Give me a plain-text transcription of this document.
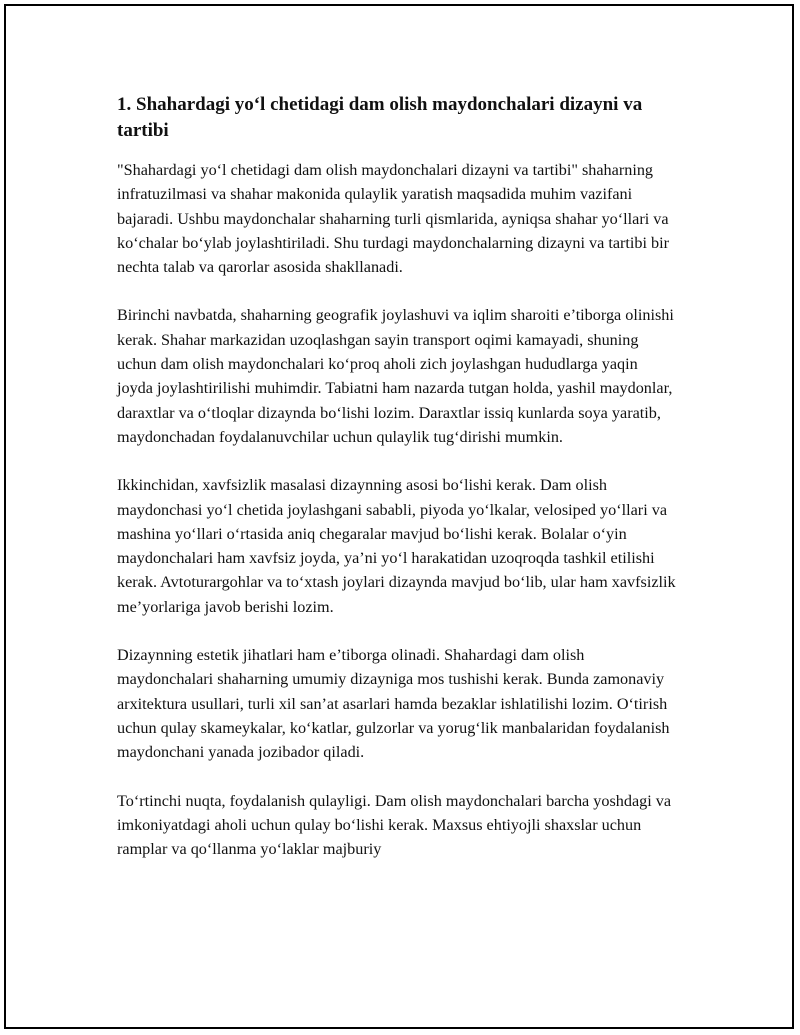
1. Shahardagi yo‘l chetidagi dam olish maydonchalari dizayni va tartibi

"Shahardagi yo‘l chetidagi dam olish maydonchalari dizayni va tartibi" shaharning infratuzilmasi va shahar makonida qulaylik yaratish maqsadida muhim vazifani bajaradi. Ushbu maydonchalar shaharning turli qismlarida, ayniqsa shahar yo‘llari va ko‘chalar bo‘ylab joylashtiriladi. Shu turdagi maydonchalarning dizayni va tartibi bir nechta talab va qarorlar asosida shakllanadi.

Birinchi navbatda, shaharning geografik joylashuvi va iqlim sharoiti e’tiborga olinishi kerak. Shahar markazidan uzoqlashgan sayin transport oqimi kamayadi, shuning uchun dam olish maydonchalari ko‘proq aholi zich joylashgan hududlarga yaqin joyda joylashtirilishi muhimdir. Tabiatni ham nazarda tutgan holda, yashil maydonlar, daraxtlar va o‘tloqlar dizaynda bo‘lishi lozim. Daraxtlar issiq kunlarda soya yaratib, maydonchadan foydalanuvchilar uchun qulaylik tug‘dirishi mumkin.

Ikkinchidan, xavfsizlik masalasi dizaynning asosi bo‘lishi kerak. Dam olish maydonchasi yo‘l chetida joylashgani sababli, piyoda yo‘lkalar, velosiped yo‘llari va mashina yo‘llari o‘rtasida aniq chegaralar mavjud bo‘lishi kerak. Bolalar o‘yin maydonchalari ham xavfsiz joyda, ya’ni yo‘l harakatidan uzoqroqda tashkil etilishi kerak. Avtoturargohlar va to‘xtash joylari dizaynda mavjud bo‘lib, ular ham xavfsizlik me’yorlariga javob berishi lozim.

Dizaynning estetik jihatlari ham e’tiborga olinadi. Shahardagi dam olish maydonchalari shaharning umumiy dizayniga mos tushishi kerak. Bunda zamonaviy arxitektura usullari, turli xil san’at asarlari hamda bezaklar ishlatilishi lozim. O‘tirish uchun qulay skameykalar, ko‘katlar, gulzorlar va yorug‘lik manbalaridan foydalanish maydonchani yanada jozibador qiladi.

To‘rtinchi nuqta, foydalanish qulayligi. Dam olish maydonchalari barcha yoshdagi va imkoniyatdagi aholi uchun qulay bo‘lishi kerak. Maxsus ehtiyojli shaxslar uchun ramplar va qo‘llanma yo‘laklar majburiy
